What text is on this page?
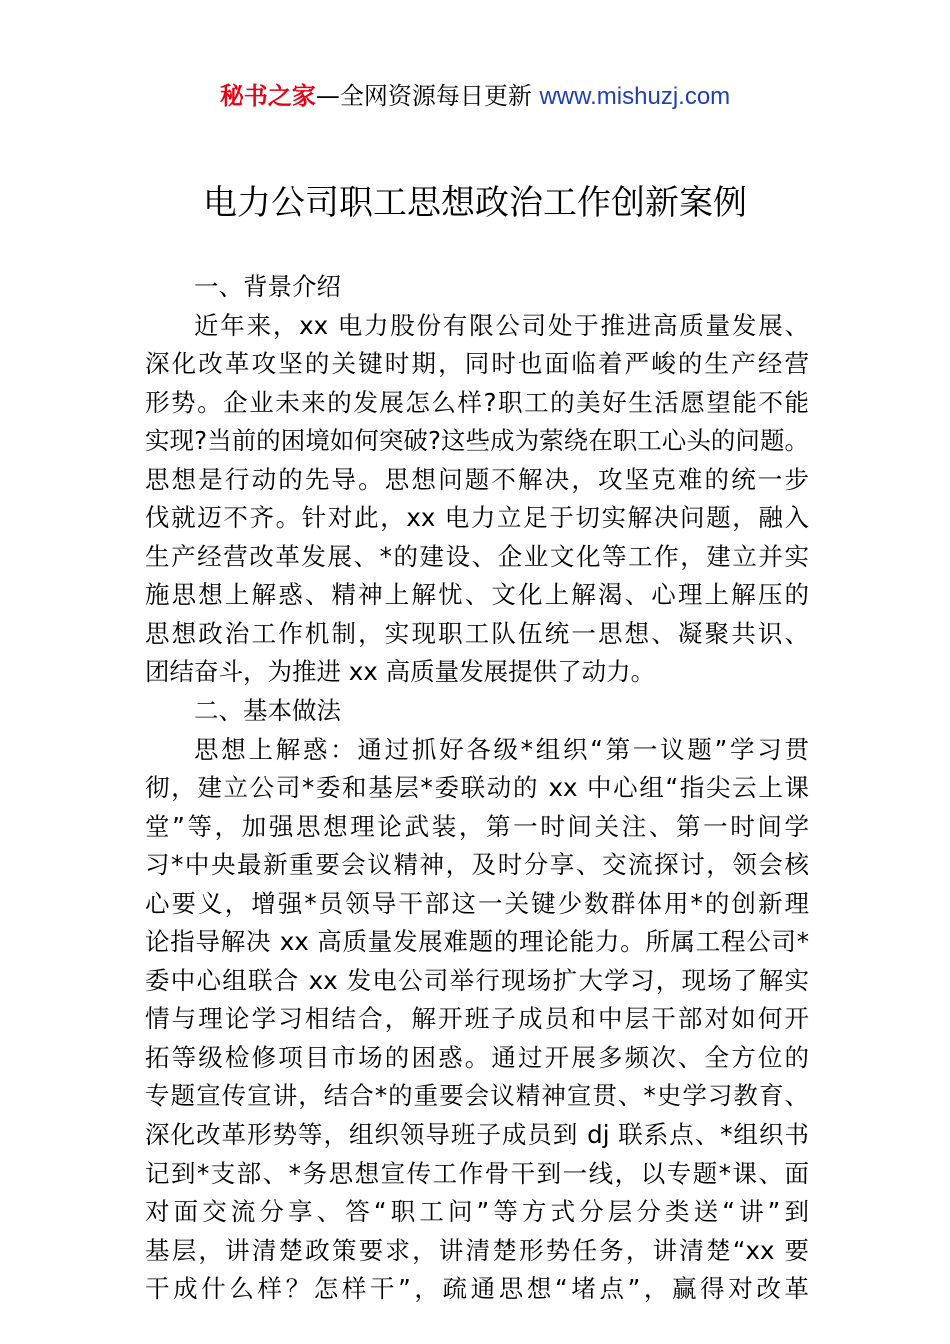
秘书之家—全网资源每日更新 www.mishuzj.com
电力公司职工思想政治工作创新案例
一、背景介绍
近年来，xx 电力股份有限公司处于推进高质量发展、
深化改革攻坚的关键时期，同时也面临着严峻的生产经营
形势。企业未来的发展怎么样?职工的美好生活愿望能不能
实现?当前的困境如何突破?这些成为萦绕在职工心头的问题。
思想是行动的先导。思想问题不解决，攻坚克难的统一步
伐就迈不齐。针对此，xx 电力立足于切实解决问题，融入
生产经营改革发展、*的建设、企业文化等工作，建立并实
施思想上解惑、精神上解忧、文化上解渴、心理上解压的
思想政治工作机制，实现职工队伍统一思想、凝聚共识、
团结奋斗，为推进 xx 高质量发展提供了动力。
二、基本做法
思想上解惑：通过抓好各级*组织“第一议题”学习贯
彻，建立公司*委和基层*委联动的 xx 中心组“指尖云上课
堂”等，加强思想理论武装，第一时间关注、第一时间学
习*中央最新重要会议精神，及时分享、交流探讨，领会核
心要义，增强*员领导干部这一关键少数群体用*的创新理
论指导解决 xx 高质量发展难题的理论能力。所属工程公司*
委中心组联合 xx 发电公司举行现场扩大学习，现场了解实
情与理论学习相结合，解开班子成员和中层干部对如何开
拓等级检修项目市场的困惑。通过开展多频次、全方位的
专题宣传宣讲，结合*的重要会议精神宣贯、*史学习教育、
深化改革形势等，组织领导班子成员到 dj 联系点、*组织书
记到*支部、*务思想宣传工作骨干到一线，以专题*课、面
对面交流分享、答“职工问”等方式分层分类送“讲”到
基层，讲清楚政策要求，讲清楚形势任务，讲清楚“xx 要
干成什么样？怎样干”，疏通思想“堵点”，赢得对改革
